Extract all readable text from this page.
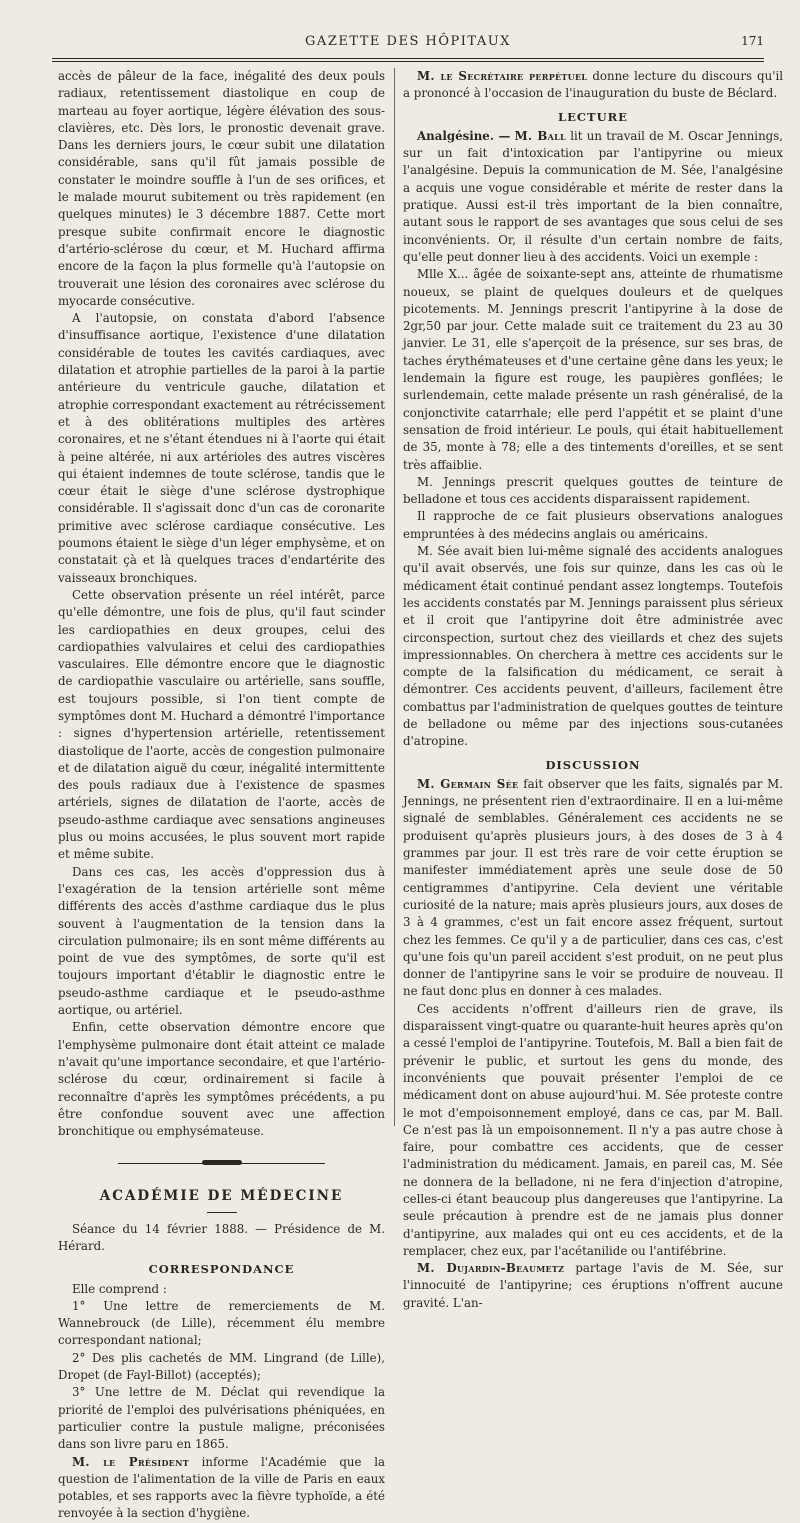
GAZETTE DES HÔPITAUX	171

accès de pâleur de la face, inégalité des deux pouls radiaux, retentissement diastolique en coup de marteau au foyer aortique, légère élévation des sous-clavières, etc. Dès lors, le pronostic devenait grave. Dans les derniers jours, le cœur subit une dilatation considérable, sans qu'il fût jamais possible de constater le moindre souffle à l'un de ses orifices, et le malade mourut subitement ou très rapidement (en quelques minutes) le 3 décembre 1887. Cette mort presque subite confirmait encore le diagnostic d'artério-sclérose du cœur, et M. Huchard affirma encore de la façon la plus formelle qu'à l'autopsie on trouverait une lésion des coronaires avec sclérose du myocarde consécutive.

A l'autopsie, on constata d'abord l'absence d'insuffisance aortique, l'existence d'une dilatation considérable de toutes les cavités cardiaques, avec dilatation et atrophie partielles de la paroi à la partie antérieure du ventricule gauche, dilatation et atrophie correspondant exactement au rétrécissement et à des oblitérations multiples des artères coronaires, et ne s'étant étendues ni à l'aorte qui était à peine altérée, ni aux artérioles des autres viscères qui étaient indemnes de toute sclérose, tandis que le cœur était le siège d'une sclérose dystrophique considérable. Il s'agissait donc d'un cas de coronarite primitive avec sclérose cardiaque consécutive. Les poumons étaient le siège d'un léger emphysème, et on constatait çà et là quelques traces d'endartérite des vaisseaux bronchiques.

Cette observation présente un réel intérêt, parce qu'elle démontre, une fois de plus, qu'il faut scinder les cardiopathies en deux groupes, celui des cardiopathies valvulaires et celui des cardiopathies vasculaires. Elle démontre encore que le diagnostic de cardiopathie vasculaire ou artérielle, sans souffle, est toujours possible, si l'on tient compte de symptômes dont M. Huchard a démontré l'importance : signes d'hypertension artérielle, retentissement diastolique de l'aorte, accès de congestion pulmonaire et de dilatation aiguë du cœur, inégalité intermittente des pouls radiaux due à l'existence de spasmes artériels, signes de dilatation de l'aorte, accès de pseudo-asthme cardiaque avec sensations angineuses plus ou moins accusées, le plus souvent mort rapide et même subite.

Dans ces cas, les accès d'oppression dus à l'exagération de la tension artérielle sont même différents des accès d'asthme cardiaque dus le plus souvent à l'augmentation de la tension dans la circulation pulmonaire; ils en sont même différents au point de vue des symptômes, de sorte qu'il est toujours important d'établir le diagnostic entre le pseudo-asthme cardiaque et le pseudo-asthme aortique, ou artériel.

Enfin, cette observation démontre encore que l'emphysème pulmonaire dont était atteint ce malade n'avait qu'une importance secondaire, et que l'artério-sclérose du cœur, ordinairement si facile à reconnaître d'après les symptômes précédents, a pu être confondue souvent avec une affection bronchitique ou emphysémateuse.

ACADÉMIE DE MÉDECINE

Séance du 14 février 1888. — Présidence de M. Hérard.

CORRESPONDANCE

Elle comprend :

1° Une lettre de remerciements de M. Wannebrouck (de Lille), récemment élu membre correspondant national;

2° Des plis cachetés de MM. Lingrand (de Lille), Dropet (de Fayl-Billot) (acceptés);

3° Une lettre de M. Déclat qui revendique la priorité de l'emploi des pulvérisations phéniquées, en particulier contre la pustule maligne, préconisées dans son livre paru en 1865.

M. le Président informe l'Académie que la question de l'alimentation de la ville de Paris en eaux potables, et ses rapports avec la fièvre typhoïde, a été renvoyée à la section d'hygiène.

M. le Secrétaire perpétuel donne lecture du discours qu'il a prononcé à l'occasion de l'inauguration du buste de Béclard.

LECTURE

Analgésine. — M. Ball lit un travail de M. Oscar Jennings, sur un fait d'intoxication par l'antipyrine ou mieux l'analgésine. Depuis la communication de M. Sée, l'analgésine a acquis une vogue considérable et mérite de rester dans la pratique. Aussi est-il très important de la bien connaître, autant sous le rapport de ses avantages que sous celui de ses inconvénients. Or, il résulte d'un certain nombre de faits, qu'elle peut donner lieu à des accidents. Voici un exemple :

Mlle X... âgée de soixante-sept ans, atteinte de rhumatisme noueux, se plaint de quelques douleurs et de quelques picotements. M. Jennings prescrit l'antipyrine à la dose de 2gr,50 par jour. Cette malade suit ce traitement du 23 au 30 janvier. Le 31, elle s'aperçoit de la présence, sur ses bras, de taches érythémateuses et d'une certaine gêne dans les yeux; le lendemain la figure est rouge, les paupières gonflées; le surlendemain, cette malade présente un rash généralisé, de la conjonctivite catarrhale; elle perd l'appétit et se plaint d'une sensation de froid intérieur. Le pouls, qui était habituellement de 35, monte à 78; elle a des tintements d'oreilles, et se sent très affaiblie.

M. Jennings prescrit quelques gouttes de teinture de belladone et tous ces accidents disparaissent rapidement.

Il rapproche de ce fait plusieurs observations analogues empruntées à des médecins anglais ou américains.

M. Sée avait bien lui-même signalé des accidents analogues qu'il avait observés, une fois sur quinze, dans les cas où le médicament était continué pendant assez longtemps. Toutefois les accidents constatés par M. Jennings paraissent plus sérieux et il croit que l'antipyrine doit être administrée avec circonspection, surtout chez des vieillards et chez des sujets impressionnables. On cherchera à mettre ces accidents sur le compte de la falsification du médicament, ce serait à démontrer. Ces accidents peuvent, d'ailleurs, facilement être combattus par l'administration de quelques gouttes de teinture de belladone ou même par des injections sous-cutanées d'atropine.

DISCUSSION

M. Germain Sée fait observer que les faits, signalés par M. Jennings, ne présentent rien d'extraordinaire. Il en a lui-même signalé de semblables. Généralement ces accidents ne se produisent qu'après plusieurs jours, à des doses de 3 à 4 grammes par jour. Il est très rare de voir cette éruption se manifester immédiatement après une seule dose de 50 centigrammes d'antipyrine. Cela devient une véritable curiosité de la nature; mais après plusieurs jours, aux doses de 3 à 4 grammes, c'est un fait encore assez fréquent, surtout chez les femmes. Ce qu'il y a de particulier, dans ces cas, c'est qu'une fois qu'un pareil accident s'est produit, on ne peut plus donner de l'antipyrine sans le voir se produire de nouveau. Il ne faut donc plus en donner à ces malades.

Ces accidents n'offrent d'ailleurs rien de grave, ils disparaissent vingt-quatre ou quarante-huit heures après qu'on a cessé l'emploi de l'antipyrine. Toutefois, M. Ball a bien fait de prévenir le public, et surtout les gens du monde, des inconvénients que pouvait présenter l'emploi de ce médicament dont on abuse aujourd'hui. M. Sée proteste contre le mot d'empoisonnement employé, dans ce cas, par M. Ball. Ce n'est pas là un empoisonnement. Il n'y a pas autre chose à faire, pour combattre ces accidents, que de cesser l'administration du médicament. Jamais, en pareil cas, M. Sée ne donnera de la belladone, ni ne fera d'injection d'atropine, celles-ci étant beaucoup plus dangereuses que l'antipyrine. La seule précaution à prendre est de ne jamais plus donner d'antipyrine, aux malades qui ont eu ces accidents, et de la remplacer, chez eux, par l'acétanilide ou l'antifébrine.

M. Dujardin-Beaumetz partage l'avis de M. Sée, sur l'innocuité de l'antipyrine; ces éruptions n'offrent aucune gravité. L'an-
